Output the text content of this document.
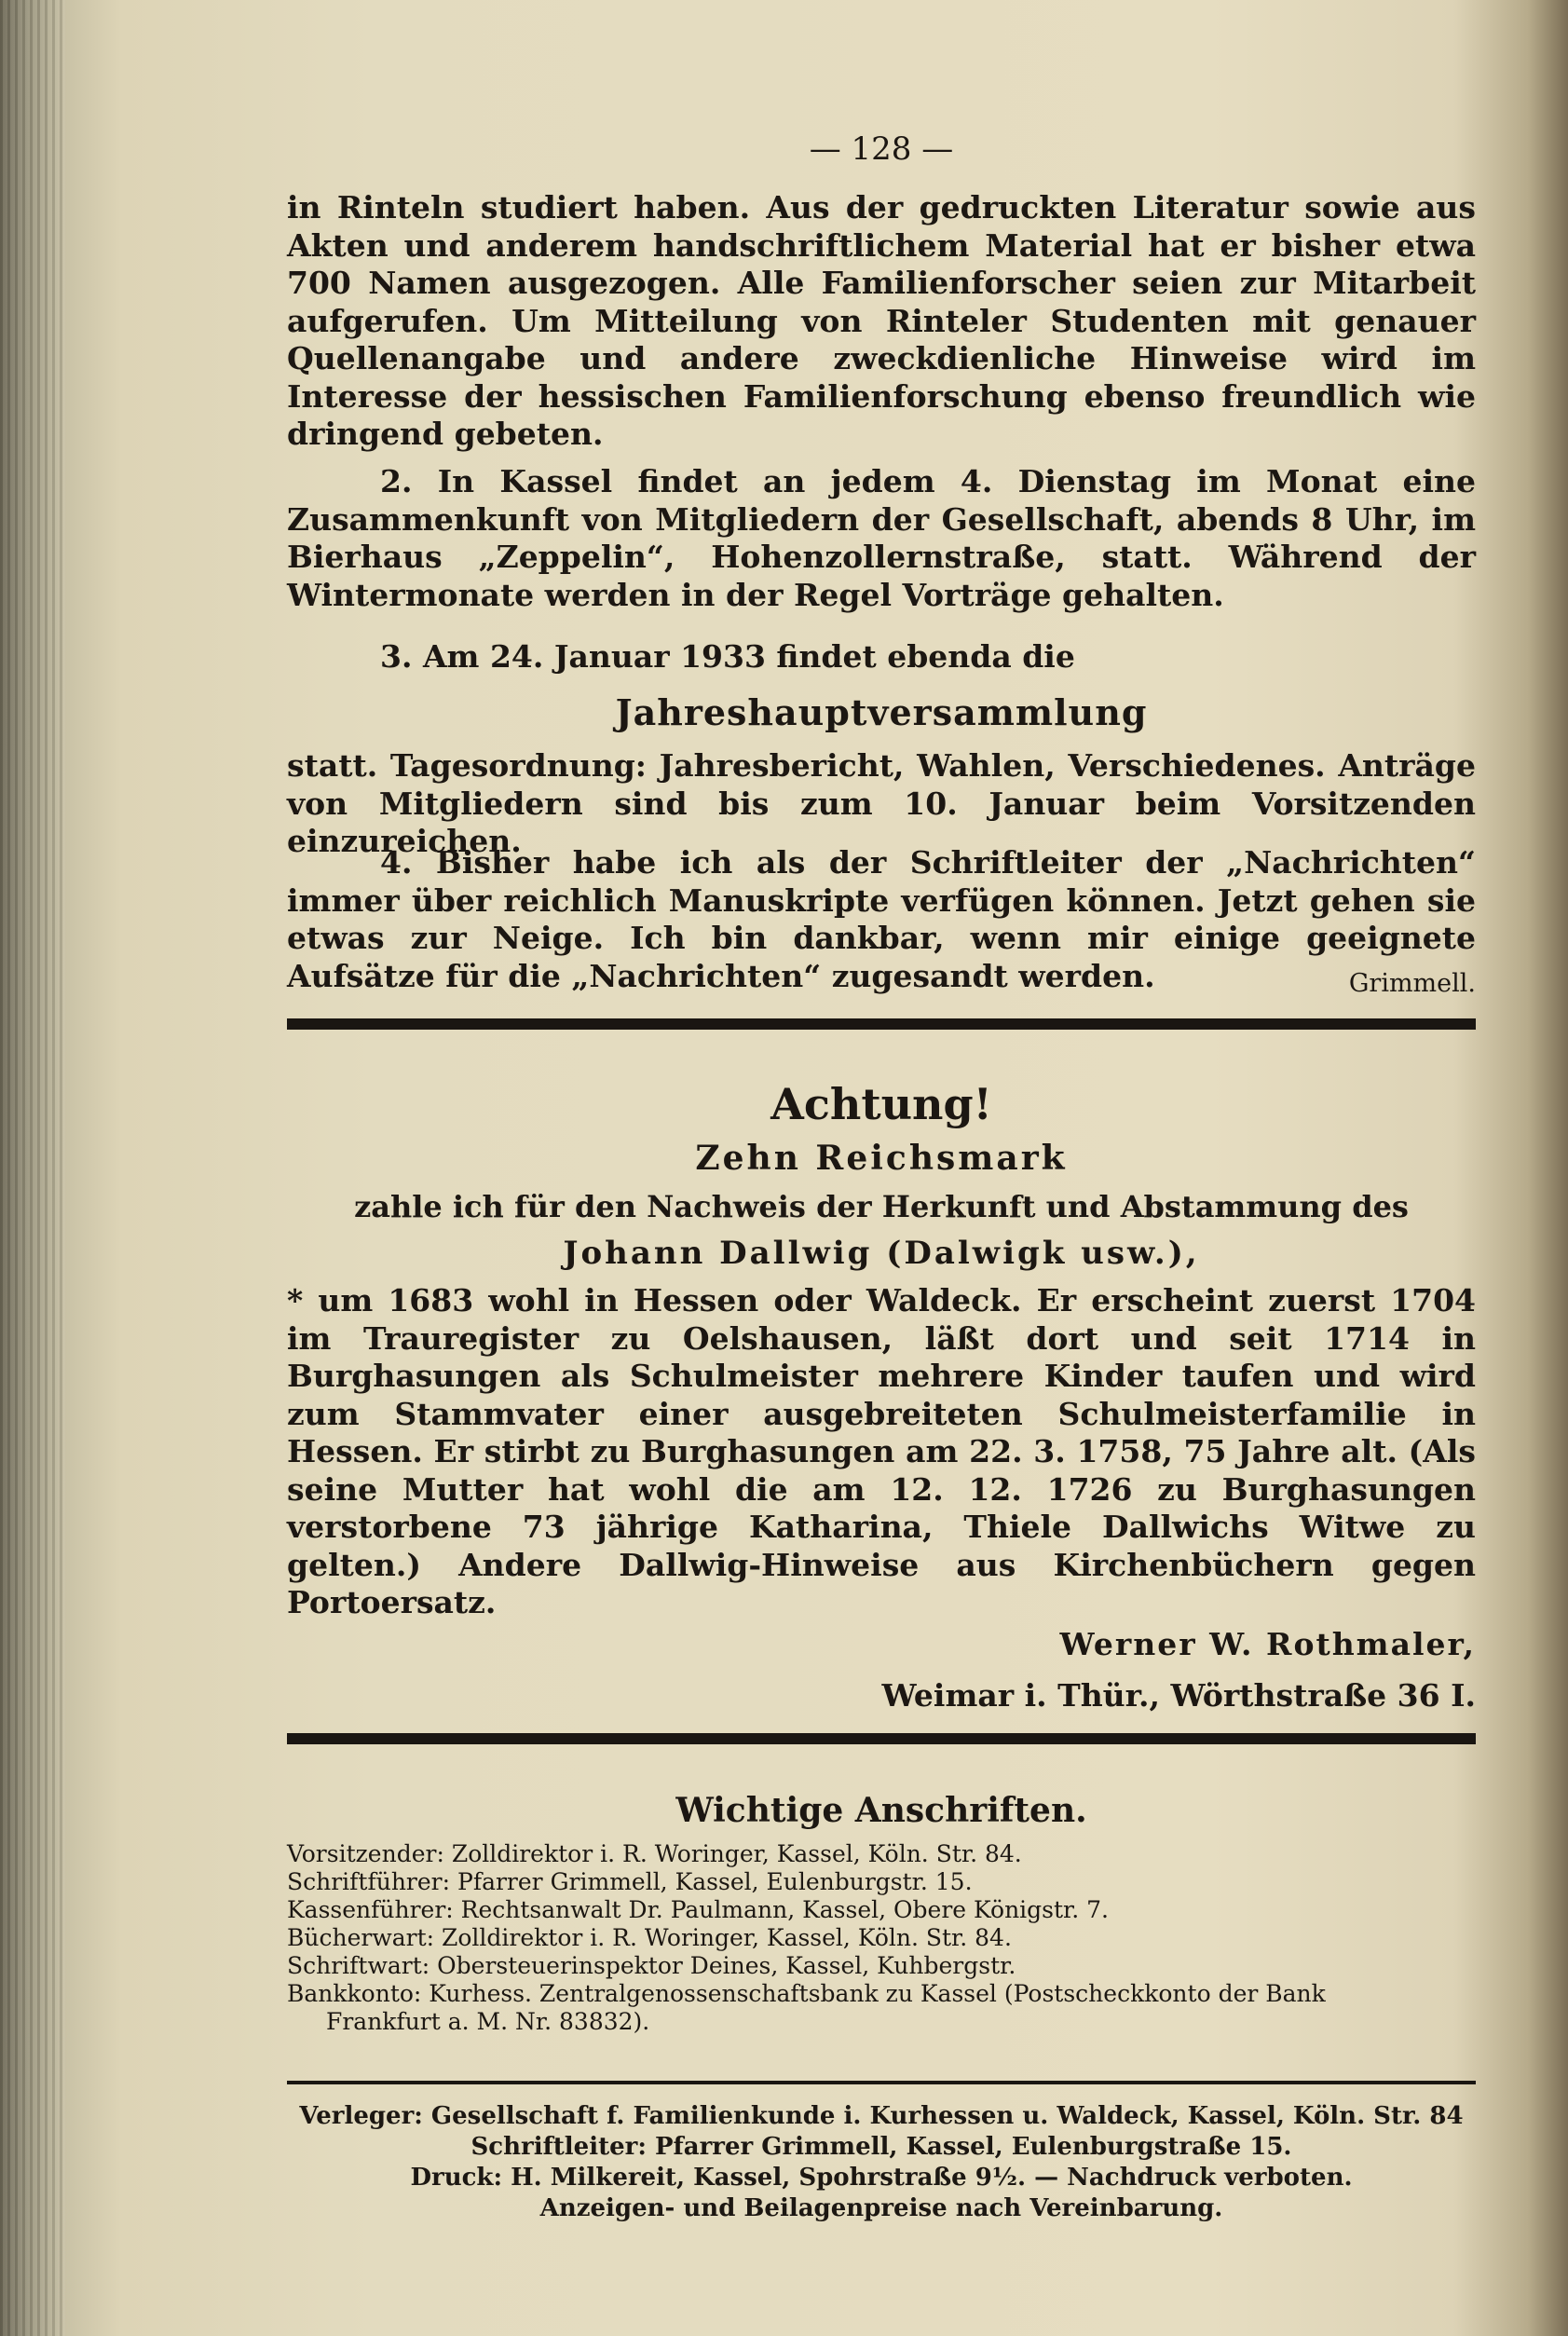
— 128 —
in Rinteln studiert haben. Aus der gedruckten Literatur sowie aus Akten und anderem handschriftlichem Material hat er bisher etwa 700 Namen ausgezogen. Alle Familienforscher seien zur Mitarbeit aufgerufen. Um Mitteilung von Rinteler Studenten mit genauer Quellenangabe und andere zweckdienliche Hinweise wird im Interesse der hessischen Familienforschung ebenso freundlich wie dringend gebeten.
2. In Kassel findet an jedem 4. Dienstag im Monat eine Zusammenkunft von Mitgliedern der Gesellschaft, abends 8 Uhr, im Bierhaus „Zeppelin“, Hohenzollernstraße, statt. Während der Wintermonate werden in der Regel Vorträge gehalten.
3. Am 24. Januar 1933 findet ebenda die
Jahreshauptversammlung
statt. Tagesordnung: Jahresbericht, Wahlen, Verschiedenes. Anträge von Mitgliedern sind bis zum 10. Januar beim Vorsitzenden einzureichen.
4. Bisher habe ich als der Schriftleiter der „Nachrichten“ immer über reichlich Manuskripte verfügen können. Jetzt gehen sie etwas zur Neige. Ich bin dankbar, wenn mir einige geeignete Aufsätze für die „Nachrichten“ zugesandt werden.	Grimmell.
Achtung!
Zehn Reichsmark
zahle ich für den Nachweis der Herkunft und Abstammung des
Johann Dallwig (Dalwigk usw.),
* um 1683 wohl in Hessen oder Waldeck. Er erscheint zuerst 1704 im Trauregister zu Oelshausen, läßt dort und seit 1714 in Burghasungen als Schulmeister mehrere Kinder taufen und wird zum Stammvater einer ausgebreiteten Schulmeisterfamilie in Hessen. Er stirbt zu Burghasungen am 22. 3. 1758, 75 Jahre alt. (Als seine Mutter hat wohl die am 12. 12. 1726 zu Burghasungen verstorbene 73 jährige Katharina, Thiele Dallwichs Witwe zu gelten.) Andere Dallwig-Hinweise aus Kirchenbüchern gegen Portoersatz.
Werner W. Rothmaler,
Weimar i. Thür., Wörthstraße 36 I.
Wichtige Anschriften.
Vorsitzender: Zolldirektor i. R. Woringer, Kassel, Köln. Str. 84.
Schriftführer: Pfarrer Grimmell, Kassel, Eulenburgstr. 15.
Kassenführer: Rechtsanwalt Dr. Paulmann, Kassel, Obere Königstr. 7.
Bücherwart: Zolldirektor i. R. Woringer, Kassel, Köln. Str. 84.
Schriftwart: Obersteuerinspektor Deines, Kassel, Kuhbergstr.
Bankkonto: Kurhess. Zentralgenossenschaftsbank zu Kassel (Postscheckkonto der Bank
Frankfurt a. M. Nr. 83832).
Verleger: Gesellschaft f. Familienkunde i. Kurhessen u. Waldeck, Kassel, Köln. Str. 84
Schriftleiter: Pfarrer Grimmell, Kassel, Eulenburgstraße 15.
Druck: H. Milkereit, Kassel, Spohrstraße 9½. — Nachdruck verboten.
Anzeigen- und Beilagenpreise nach Vereinbarung.
